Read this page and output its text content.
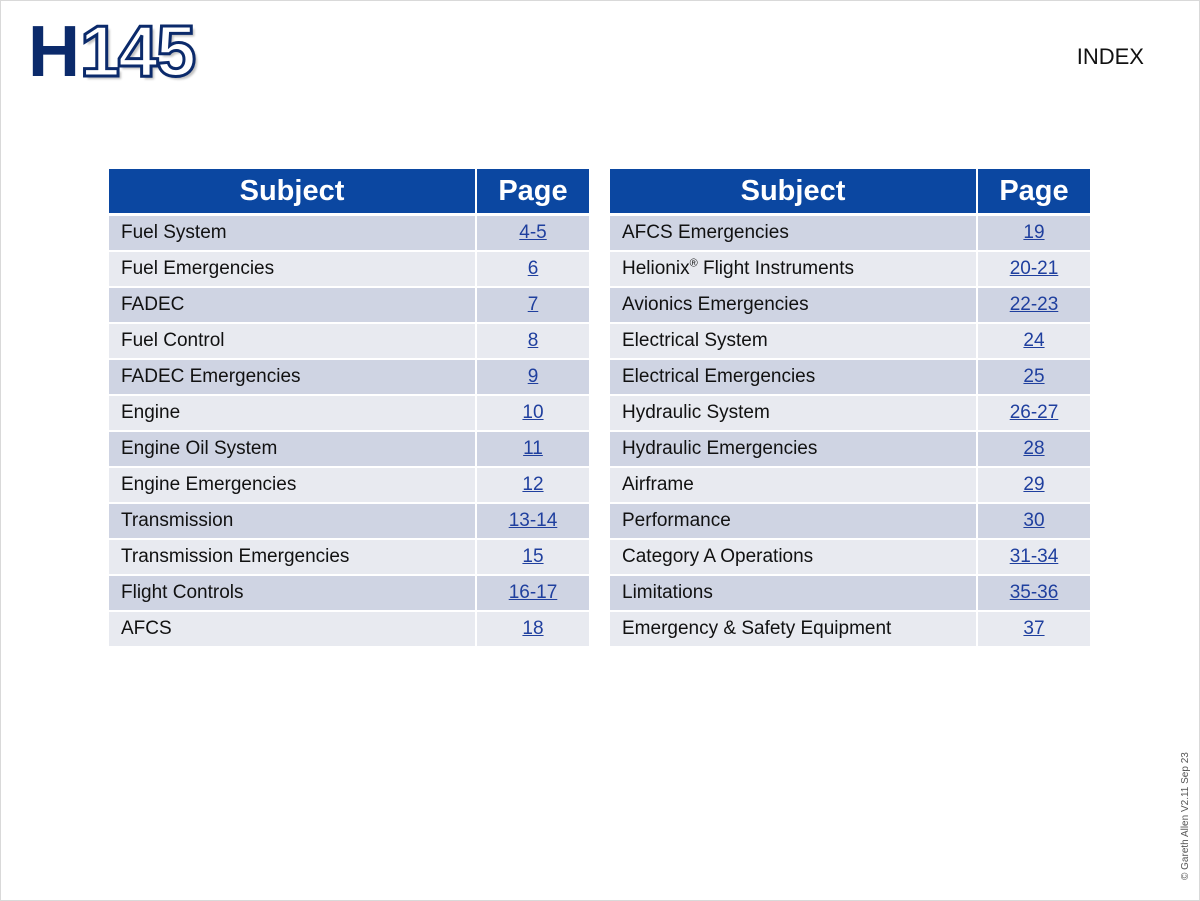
H 145	INDEX
Subject	Page
Fuel System	4-5
Fuel Emergencies	6
FADEC	7
Fuel Control	8
FADEC Emergencies	9
Engine	10
Engine Oil System	11
Engine Emergencies	12
Transmission	13-14
Transmission Emergencies	15
Flight Controls	16-17
AFCS	18
Subject	Page
AFCS Emergencies	19
Helionix® Flight Instruments	20-21
Avionics Emergencies	22-23
Electrical System	24
Electrical Emergencies	25
Hydraulic System	26-27
Hydraulic Emergencies	28
Airframe	29
Performance	30
Category A Operations	31-34
Limitations	35-36
Emergency & Safety Equipment	37
© Gareth Allen V2.11 Sep 23
